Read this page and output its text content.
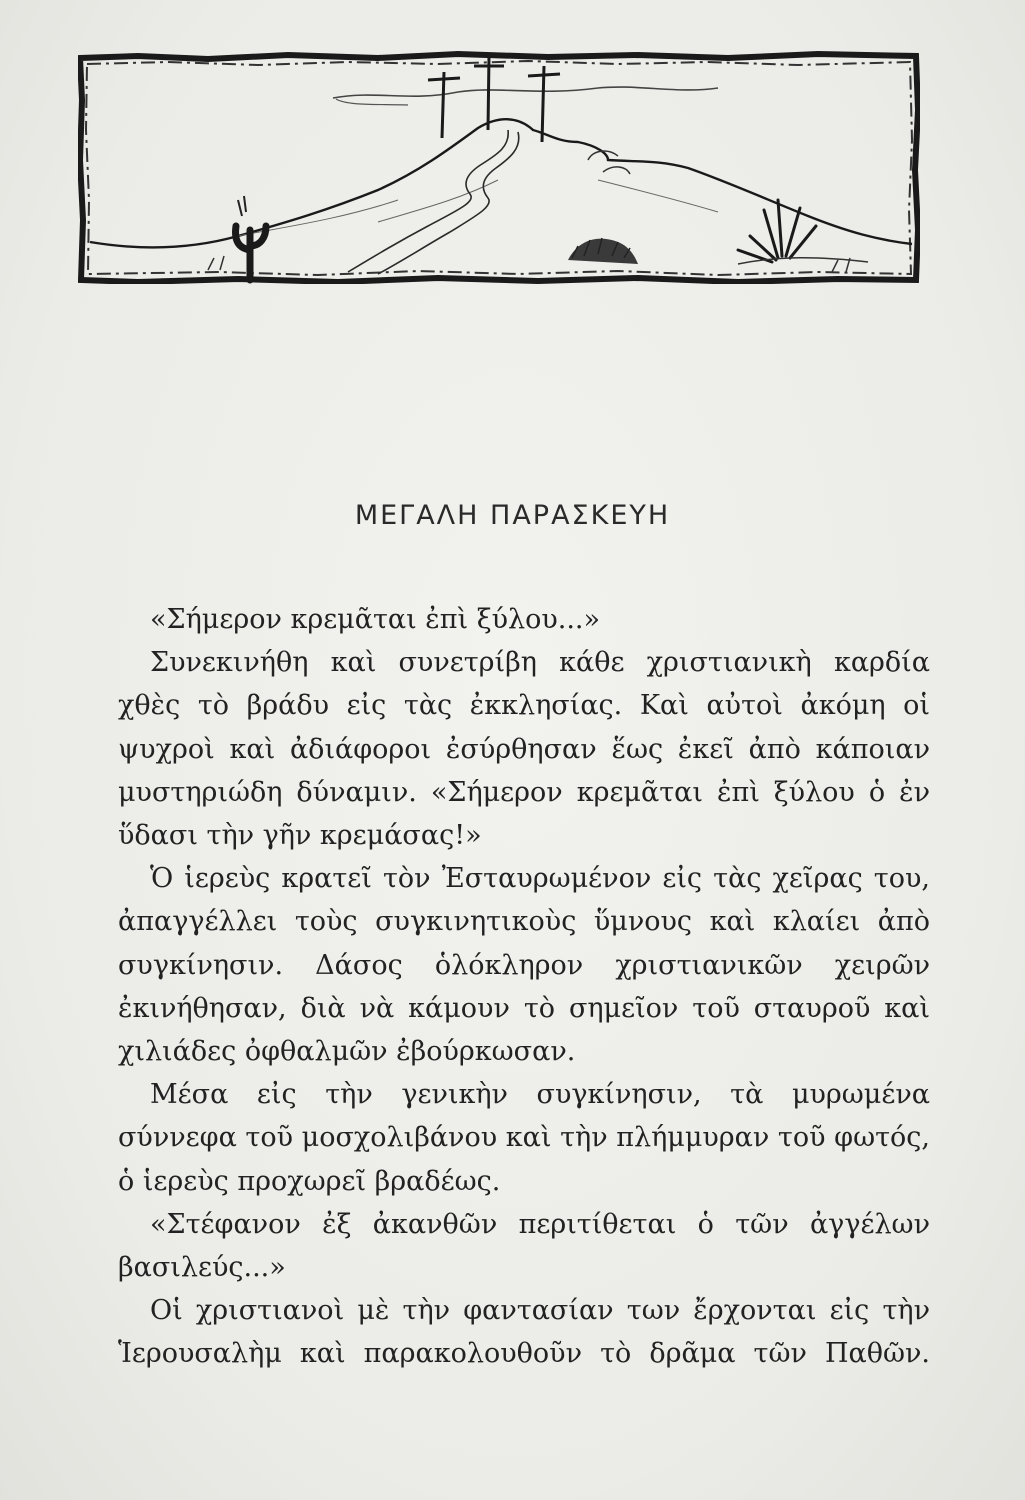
ΜΕΓΑΛΗ ΠΑΡΑΣΚΕΥΗ

«Σήμερον κρεμᾶται ἐπὶ ξύλου...»

Συνεκινήθη καὶ συνετρίβη κάθε χριστιανικὴ καρδία χθὲς τὸ βράδυ εἰς τὰς ἐκκλησίας. Καὶ αὐτοὶ ἀκόμη οἱ ψυχροὶ καὶ ἀδιάφοροι ἐσύρθησαν ἕως ἐκεῖ ἀπὸ κάποιαν μυστηριώδη δύναμιν. «Σήμερον κρεμᾶται ἐπὶ ξύλου ὁ ἐν ὕδασι τὴν γῆν κρεμάσας!»

Ὁ ἱερεὺς κρατεῖ τὸν Ἐσταυρωμένον εἰς τὰς χεῖρας του, ἀπαγγέλλει τοὺς συγκινητικοὺς ὕμνους καὶ κλαίει ἀπὸ συγκίνησιν. Δάσος ὁλόκληρον χριστιανικῶν χειρῶν ἐκινήθησαν, διὰ νὰ κάμουν τὸ σημεῖον τοῦ σταυροῦ καὶ χιλιάδες ὀφθαλμῶν ἐβούρκωσαν.

Μέσα εἰς τὴν γενικὴν συγκίνησιν, τὰ μυρωμένα σύννεφα τοῦ μοσχολιβάνου καὶ τὴν πλήμμυραν τοῦ φωτός, ὁ ἱερεὺς προχωρεῖ βραδέως.

«Στέφανον ἐξ ἀκανθῶν περιτίθεται ὁ τῶν ἀγγέλων βασιλεύς...»

Οἱ χριστιανοὶ μὲ τὴν φαντασίαν των ἔρχονται εἰς τὴν Ἱερουσαλὴμ καὶ παρακολουθοῦν τὸ δρᾶμα τῶν Παθῶν.
